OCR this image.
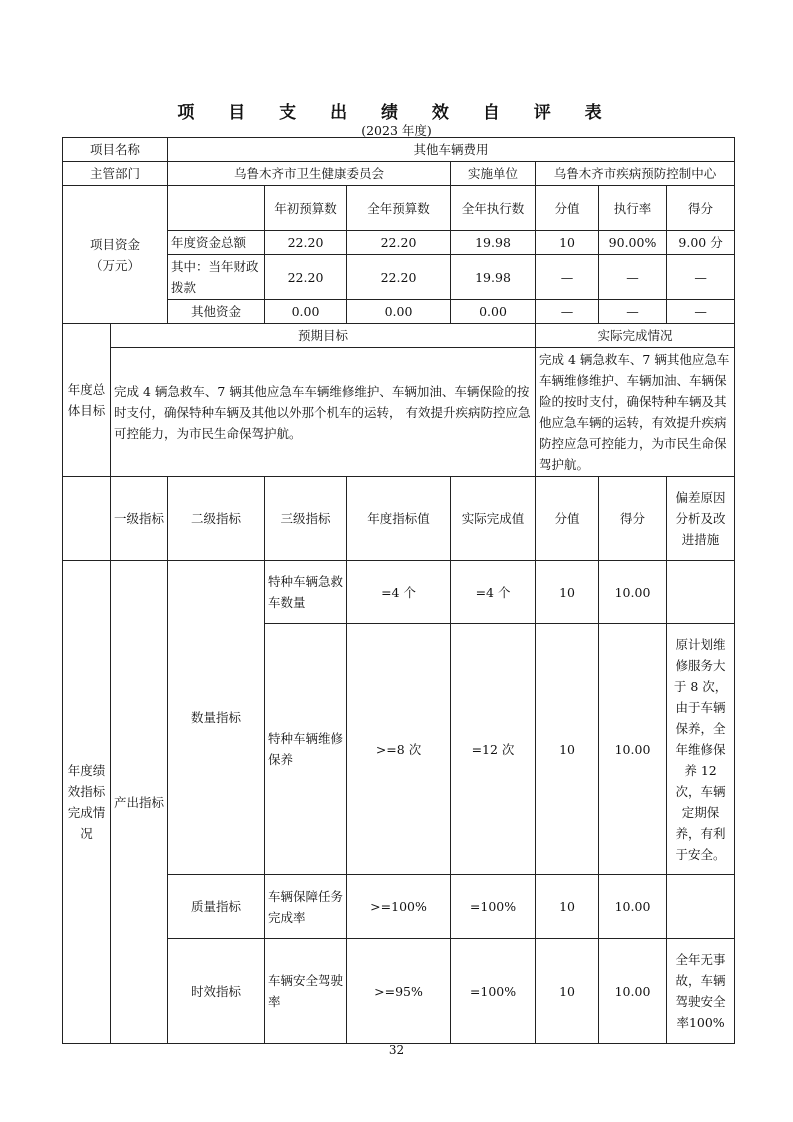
项 目 支 出 绩 效 自 评 表
(2023 年度)
项目名称		其他车辆费用						
主管部门		乌鲁木齐市卫生健康委员会			实施单位	乌鲁木齐市疾病预防控制中心		
项目资金
（万元）			年初预算数	全年预算数	全年执行数	分值	执行率	得分
		年度资金总额	22.20	22.20	19.98	10	90.00%	9.00 分
		其中：当年财政拨款	22.20	22.20	19.98	—	—	—
		其他资金	0.00	0.00	0.00	—	—	—
年度总体目标	预期目标					实际完成情况		
	完成 4 辆急救车、7 辆其他应急车车辆维修维护、车辆加油、车辆保险的按时支付，确保特种车辆及其他以外那个机车的运转， 有效提升疾病防控应急可控能力，为市民生命保驾护航。					完成 4 辆急救车、7 辆其他应急车车辆维修维护、车辆加油、车辆保险的按时支付，确保特种车辆及其他应急车辆的运转，有效提升疾病防控应急可控能力，为市民生命保驾护航。		
	一级指标	二级指标	三级指标	年度指标值	实际完成值	分值	得分	偏差原因分析及改进措施
年度绩效指标完成情况	产出指标	数量指标	特种车辆急救车数量	=4 个	=4 个	10	10.00	
			特种车辆维修保养	>=8 次	=12 次	10	10.00	原计划维修服务大于 8 次，由于车辆保养，全年维修保养 12 次，车辆定期保养，有利于安全。
		质量指标	车辆保障任务完成率	>=100%	=100%	10	10.00	
		时效指标	车辆安全驾驶率	>=95%	=100%	10	10.00	全年无事故，车辆驾驶安全率100%
32
